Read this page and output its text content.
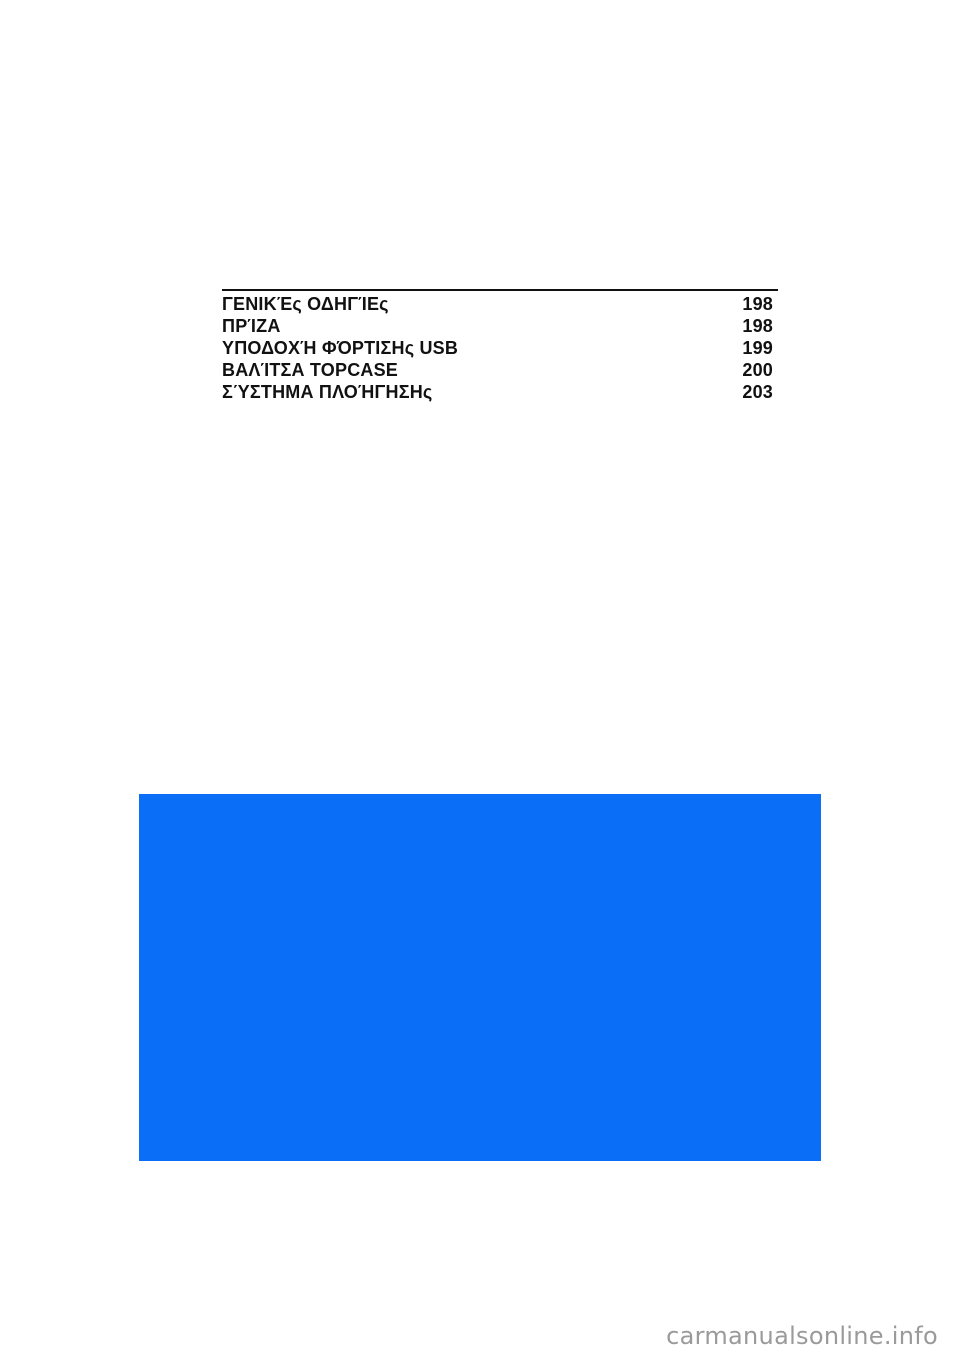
ΓΕΝΙΚΈς ΟΔΗΓΊΕς	198
ΠΡΊΖΑ	198
ΥΠΟΔΟΧΉ ΦΌΡΤΙΣΗς USB	199
ΒΑΛΊΤΣΑ TOPCASE	200
ΣΎΣΤΗΜΑ ΠΛΟΉΓΗΣΗς	203
carmanualsonline.info
